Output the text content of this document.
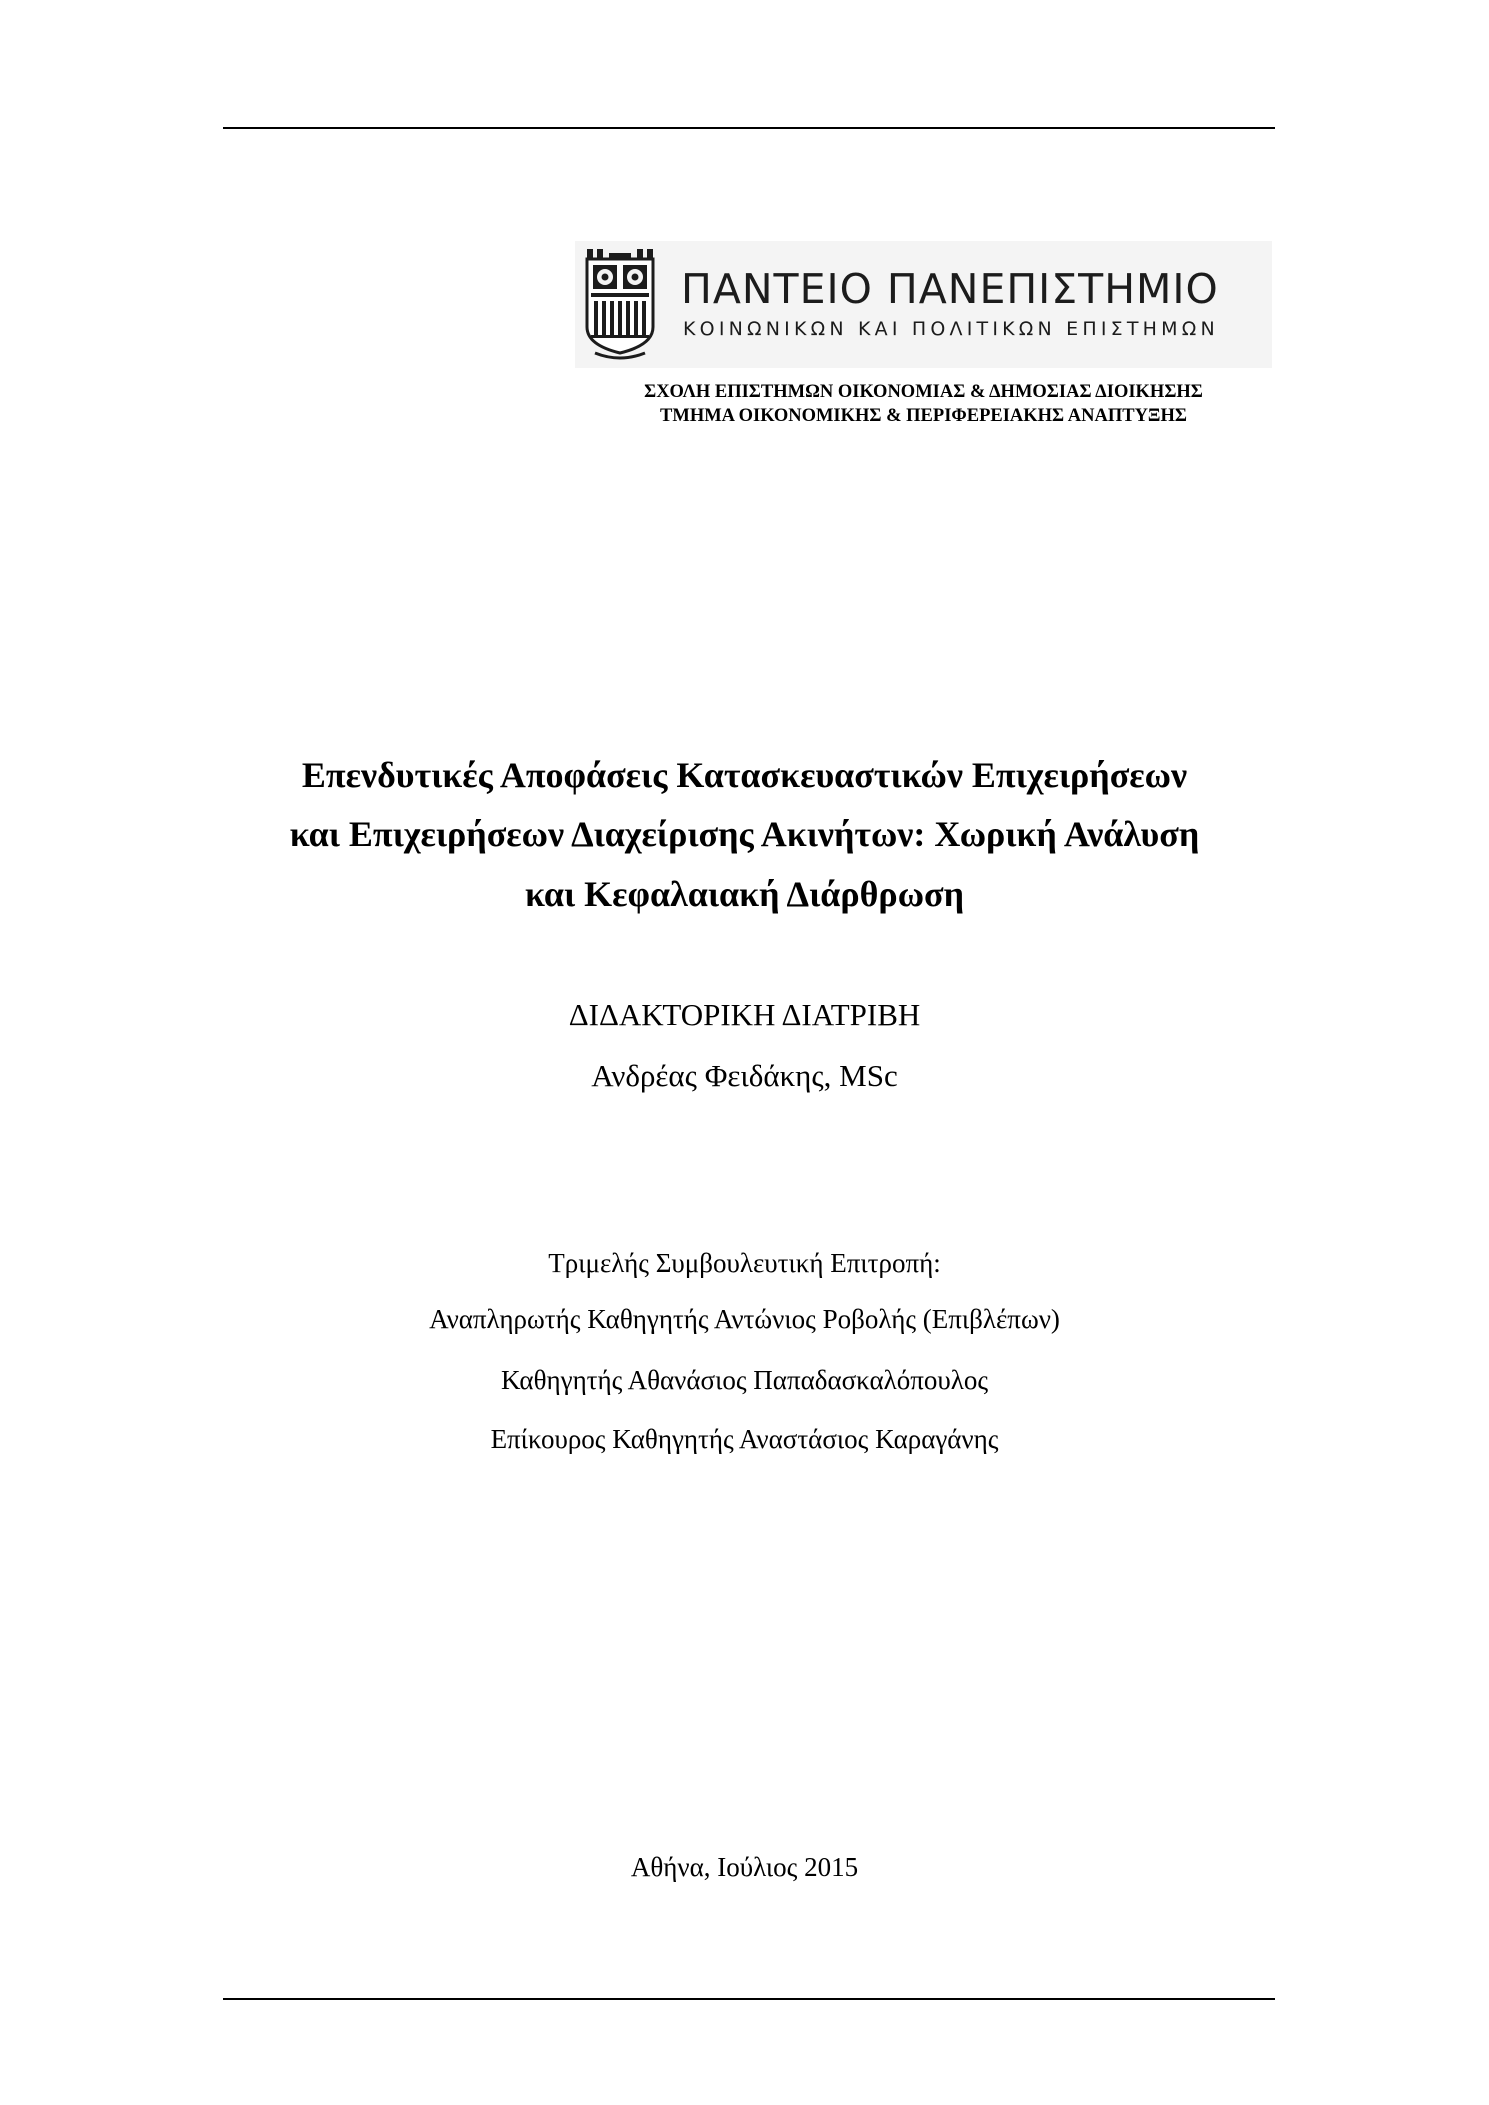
ΠΑΝΤΕΙΟ ΠΑΝΕΠΙΣΤΗΜΙΟ
ΚΟΙΝΩΝΙΚΩΝ ΚΑΙ ΠΟΛΙΤΙΚΩΝ ΕΠΙΣΤΗΜΩΝ
ΣΧΟΛΗ ΕΠΙΣΤΗΜΩΝ ΟΙΚΟΝΟΜΙΑΣ & ΔΗΜΟΣΙΑΣ ΔΙΟΙΚΗΣΗΣ
ΤΜΗΜΑ ΟΙΚΟΝΟΜΙΚΗΣ & ΠΕΡΙΦΕΡΕΙΑΚΗΣ ΑΝΑΠΤΥΞΗΣ
Επενδυτικές Αποφάσεις Κατασκευαστικών Επιχειρήσεων
και Επιχειρήσεων Διαχείρισης Ακινήτων: Χωρική Ανάλυση
και Κεφαλαιακή Διάρθρωση
ΔΙΔΑΚΤΟΡΙΚΗ ΔΙΑΤΡΙΒΗ
Ανδρέας Φειδάκης, MSc
Τριμελής Συμβουλευτική Επιτροπή:
Αναπληρωτής Καθηγητής Αντώνιος Ροβολής (Επιβλέπων)
Καθηγητής Αθανάσιος Παπαδασκαλόπουλος
Επίκουρος Καθηγητής Αναστάσιος Καραγάνης
Αθήνα, Ιούλιος 2015
